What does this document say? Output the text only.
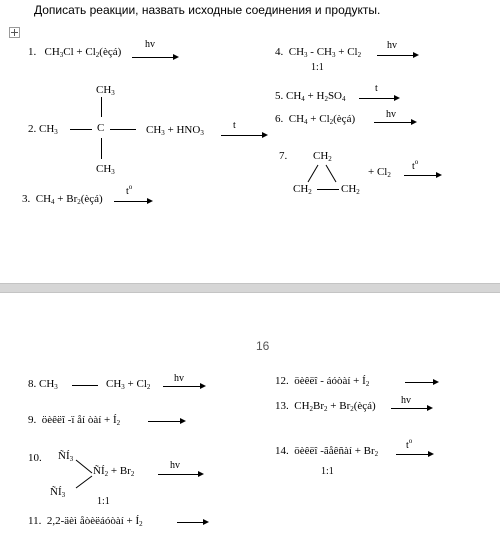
Дописать реакции, назвать исходные соединения и продукты.
1. $CH_3Cl$ + $Cl_2(èçá)$
hv
$CH_3$
2. $CH_3$	C	$CH_3 + HNO_3$
$CH_3$
t
3. $CH_4$ + $Br_2(èçá)$
$t^o$
4. $CH_3 - CH_3 + Cl_2$
1:1
hv
5. $CH_4 + H_2SO_4$
t
6. $CH_4$ + $Cl_2(èçá)$	hv
7. $CH_2$
$CH_2$	$CH_2$
+ $Cl_2$
$t^o$
16
8. $CH_3$	$CH_3 + Cl_2$
hv
9. öèêëî -ï åí òàí + $Í_2$
10. $ÑÍ_3$
$ÑÍ_2 + Br_2$
$ÑÍ_3$
1:1
hv
11. 2,2-äèì åòèëáóòàí + $Í_2$
12. öèêëî - áóòàí + $Í_2$
13. $CH_2Br_2$ + $Br_2(èçá)$	hv
14. öèêëî -ãåêñàí + $Br_2$
1:1
$t^o$
